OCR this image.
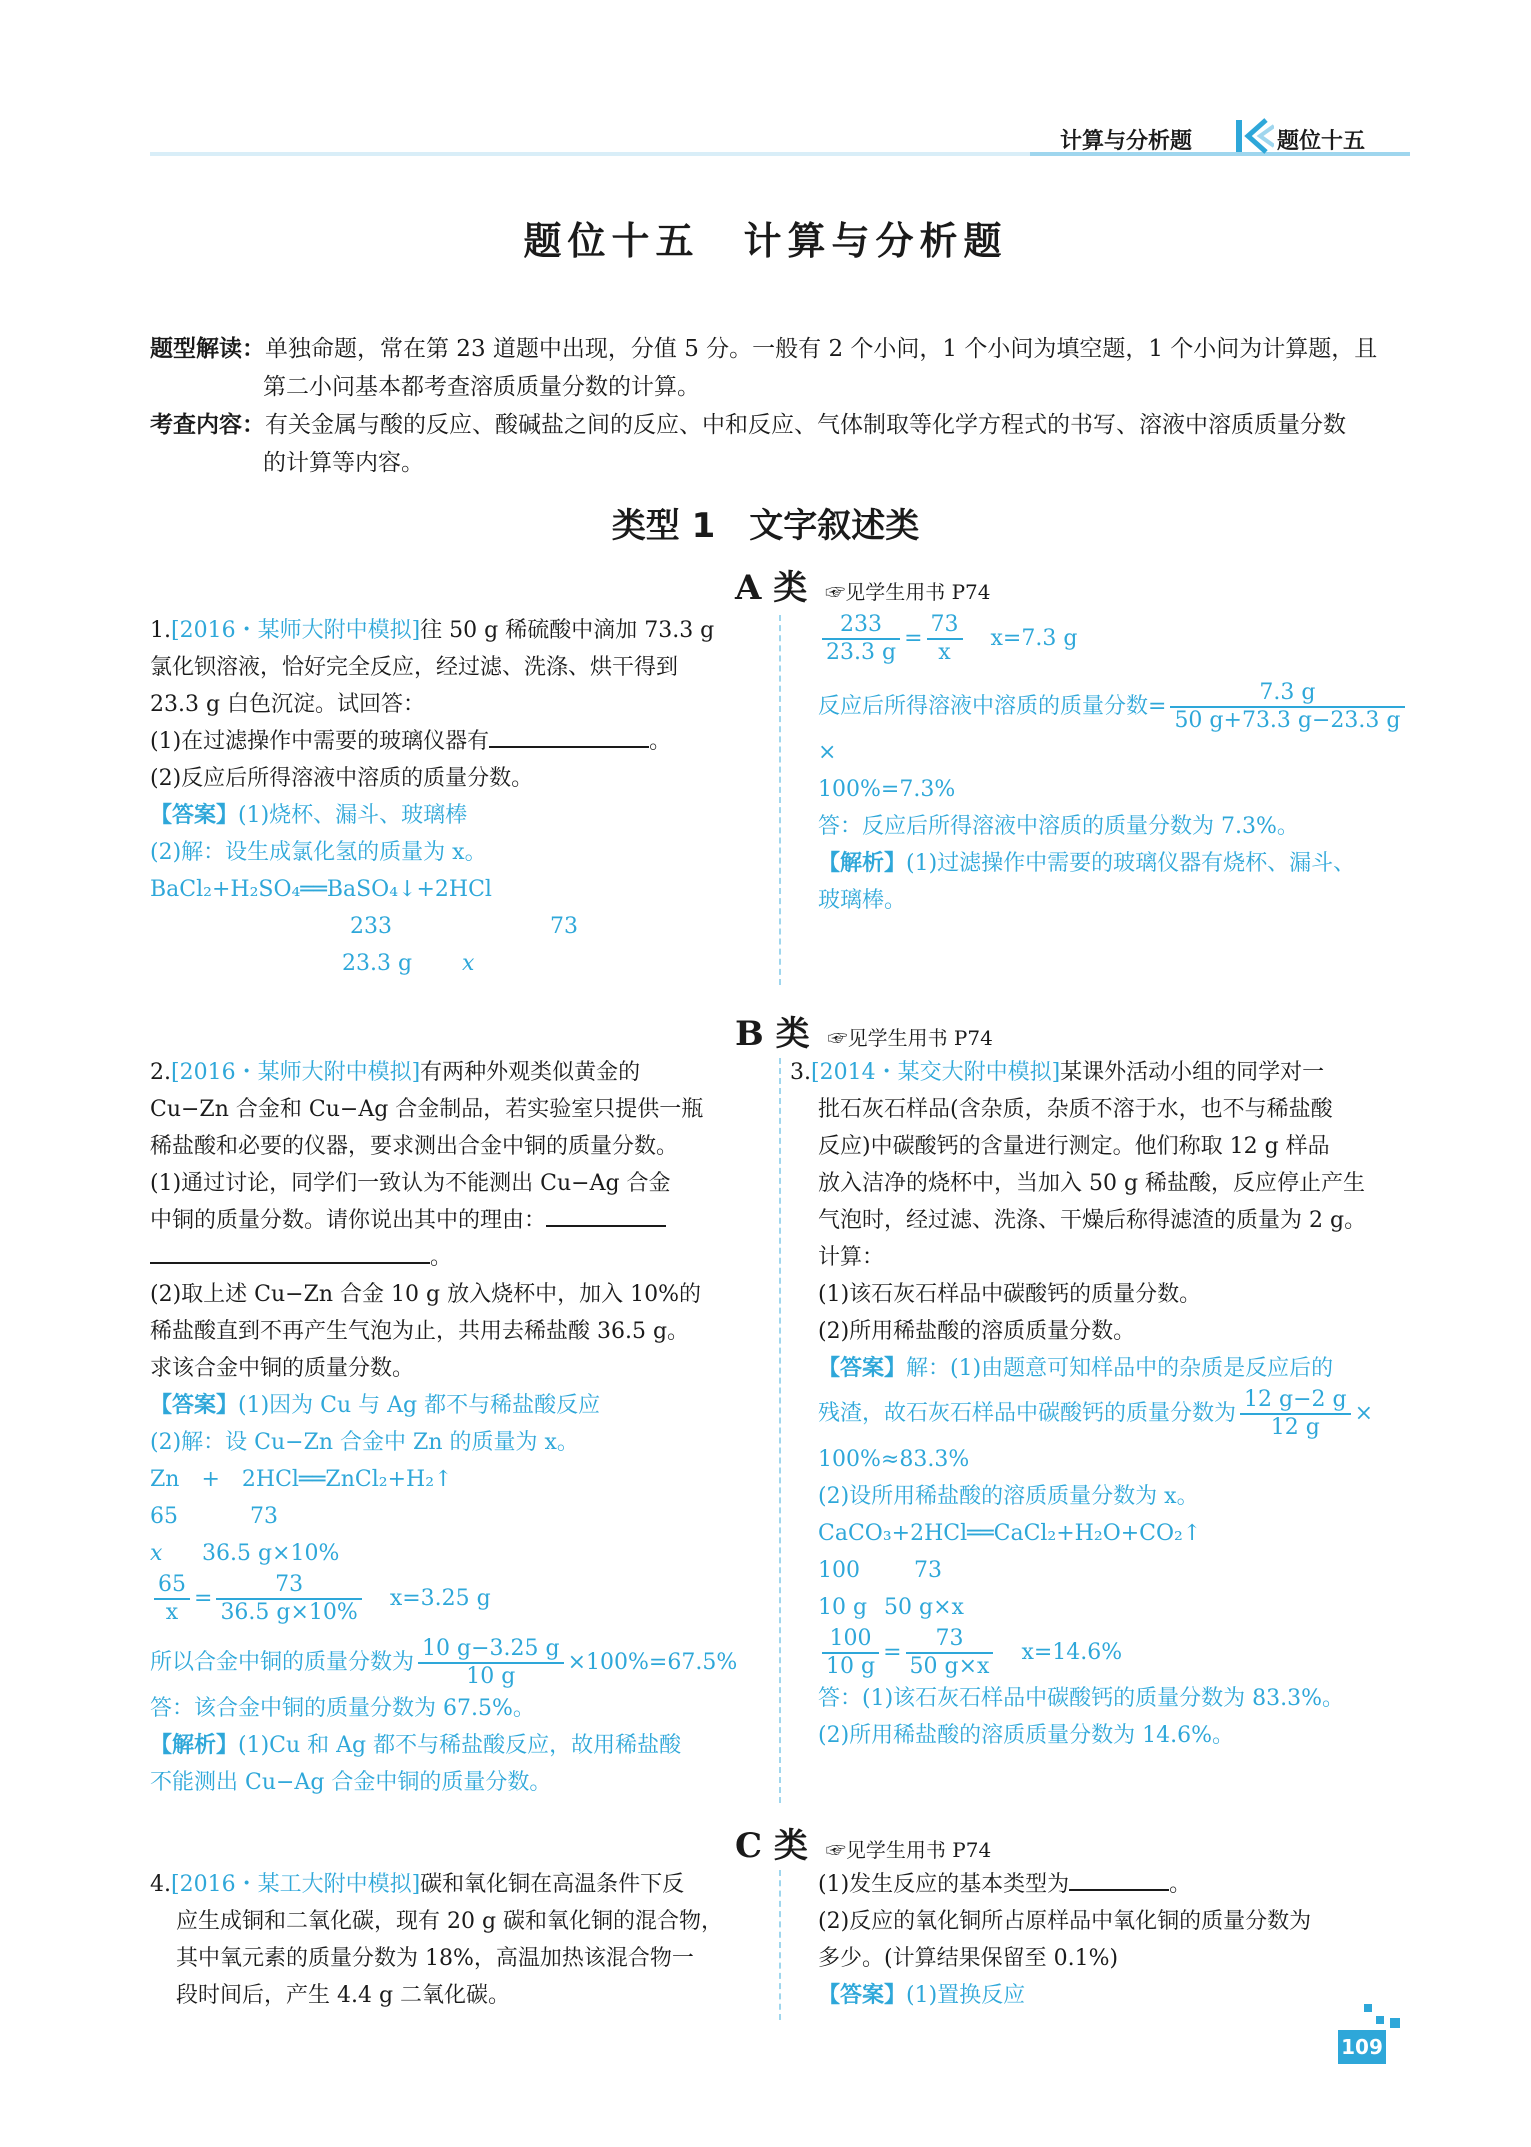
计算与分析题	题位十五
题位十五　计算与分析题
题型解读：单独命题，常在第 23 道题中出现，分值 5 分。一般有 2 个小问，1 个小问为填空题，1 个小问为计算题，且
第二小问基本都考查溶质质量分数的计算。
考查内容：有关金属与酸的反应、酸碱盐之间的反应、中和反应、气体制取等化学方程式的书写、溶液中溶质质量分数
的计算等内容。
类型 1　文字叙述类
A 类 ☞见学生用书 P74

1.[2016・某师大附中模拟]往 50 g 稀硫酸中滴加 73.3 g

氯化钡溶液，恰好完全反应，经过滤、洗涤、烘干得到

23.3 g 白色沉淀。试回答：

(1)在过滤操作中需要的玻璃仪器有	。

(2)反应后所得溶液中溶质的质量分数。

【答案】(1)烧杯、漏斗、玻璃棒

(2)解：设生成氯化氢的质量为 x。

BaCl₂+H₂SO₄══BaSO₄↓+2HCl

233	73

23.3 g x

$\frac{233}{23.3 g} = \frac{73}{x} x=7.3$ g

反应后所得溶液中溶质的质量分数= $\frac{7.3 g}{50 g+73.3 g-23.3 g}$
×

100%=7.3%

答：反应后所得溶液中溶质的质量分数为 7.3%。

【解析】(1)过滤操作中需要的玻璃仪器有烧杯、漏斗、

玻璃棒。

B 类 ☞见学生用书 P74

2.[2016・某师大附中模拟]有两种外观类似黄金的

Cu−Zn 合金和 Cu−Ag 合金制品，若实验室只提供一瓶

稀盐酸和必要的仪器，要求测出合金中铜的质量分数。

(1)通过讨论，同学们一致认为不能测出 Cu−Ag 合金

中铜的质量分数。请你说出其中的理由：

。

(2)取上述 Cu−Zn 合金 10 g 放入烧杯中，加入 10%的

稀盐酸直到不再产生气泡为止，共用去稀盐酸 36.5 g。

求该合金中铜的质量分数。

【答案】(1)因为 Cu 与 Ag 都不与稀盐酸反应

(2)解：设 Cu−Zn 合金中 Zn 的质量为 x。

Zn　+　2HCl══ZnCl₂+H₂↑

65	73

x 36.5 g×10%

$\frac{65}{x} = \frac{73}{36.5 g\times 10\%} x=3.25$ g

所以合金中铜的质量分数为 $\frac{10 g-3.25 g}{10 g} \times 100\%=67.5\%$

答：该合金中铜的质量分数为 67.5%。

【解析】(1)Cu 和 Ag 都不与稀盐酸反应，故用稀盐酸

不能测出 Cu−Ag 合金中铜的质量分数。

3.[2014・某交大附中模拟]某课外活动小组的同学对一

批石灰石样品(含杂质，杂质不溶于水，也不与稀盐酸

反应)中碳酸钙的含量进行测定。他们称取 12 g 样品

放入洁净的烧杯中，当加入 50 g 稀盐酸，反应停止产生

气泡时，经过滤、洗涤、干燥后称得滤渣的质量为 2 g。

计算：

(1)该石灰石样品中碳酸钙的质量分数。

(2)所用稀盐酸的溶质质量分数。

【答案】解：(1)由题意可知样品中的杂质是反应后的

残渣，故石灰石样品中碳酸钙的质量分数为 $\frac{12 g-2 g}{12 g}$ ×

100%≈83.3%

(2)设所用稀盐酸的溶质质量分数为 x。

CaCO₃+2HCl══CaCl₂+H₂O+CO₂↑

100 73

10 g 50 g×x

$\frac{100}{10 g} = \frac{73}{50 g\times x} x=14.6\%$

答：(1)该石灰石样品中碳酸钙的质量分数为 83.3%。

(2)所用稀盐酸的溶质质量分数为 14.6%。

C 类 ☞见学生用书 P74

4.[2016・某工大附中模拟]碳和氧化铜在高温条件下反

应生成铜和二氧化碳，现有 20 g 碳和氧化铜的混合物，

其中氧元素的质量分数为 18%，高温加热该混合物一

段时间后，产生 4.4 g 二氧化碳。

(1)发生反应的基本类型为	。

(2)反应的氧化铜所占原样品中氧化铜的质量分数为

多少。(计算结果保留至 0.1%)

【答案】(1)置换反应

109
